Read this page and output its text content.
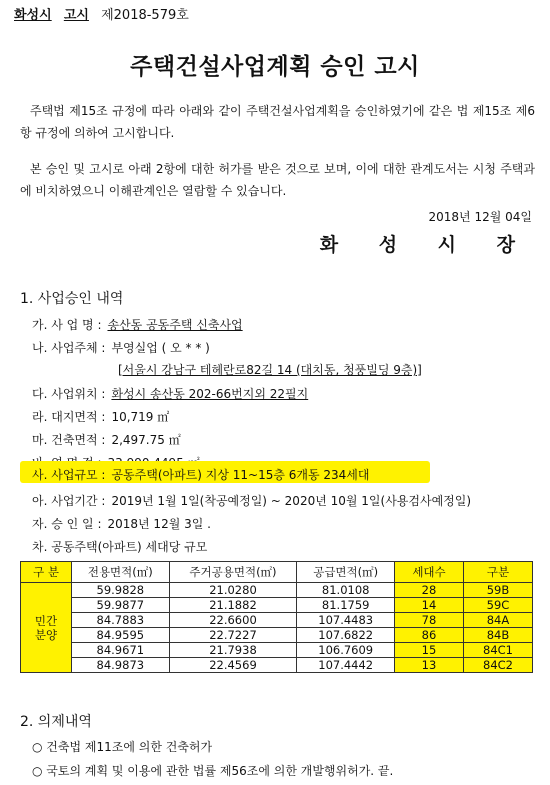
화성시 고시 제2018-579호
주택건설사업계획 승인 고시
주택법 제15조 규정에 따라 아래와 같이 주택건설사업계획을 승인하였기에 같은 법 제15조 제6항 규정에 의하여 고시합니다.
본 승인 및 고시로 아래 2항에 대한 허가를 받은 것으로 보며, 이에 대한 관계도서는 시청 주택과에 비치하였으니 이해관계인은 열람할 수 있습니다.
2018년 12월 04일
화 성 시 장
1. 사업승인 내역
가. 사 업 명 : 송산동 공동주택 신축사업
나. 사업주체 : 부영실업 ( 오 * * )
[서울시 강남구 테헤란로82길 14 (대치동, 청풍빌딩 9층)]
다. 사업위치 : 화성시 송산동 202-66번지외 22필지
라. 대지면적 : 10,719 ㎡
마. 건축면적 : 2,497.75 ㎡
사. 사업규모 : 공동주택(아파트) 지상 11~15층 6개동 234세대
아. 사업기간 : 2019년 1월 1일(착공예정일) ~ 2020년 10월 1일(사용검사예정일)
자. 승 인 일 : 2018년 12월 3일 .
차. 공동주택(아파트) 세대당 규모
구 분	전용면적(㎡)	주거공용면적(㎡)	공급면적(㎡)	세대수	구분

민간
분양	59.9828	21.0280	81.0108	28	59B
	59.9877	21.1882	81.1759	14	59C
	84.7883	22.6600	107.4483	78	84A
	84.9595	22.7227	107.6822	86	84B
	84.9671	21.7938	106.7609	15	84C1
	84.9873	22.4569	107.4442	13	84C2
2. 의제내역
○ 건축법 제11조에 의한 건축허가
○ 국토의 계획 및 이용에 관한 법률 제56조에 의한 개발행위허가. 끝.
